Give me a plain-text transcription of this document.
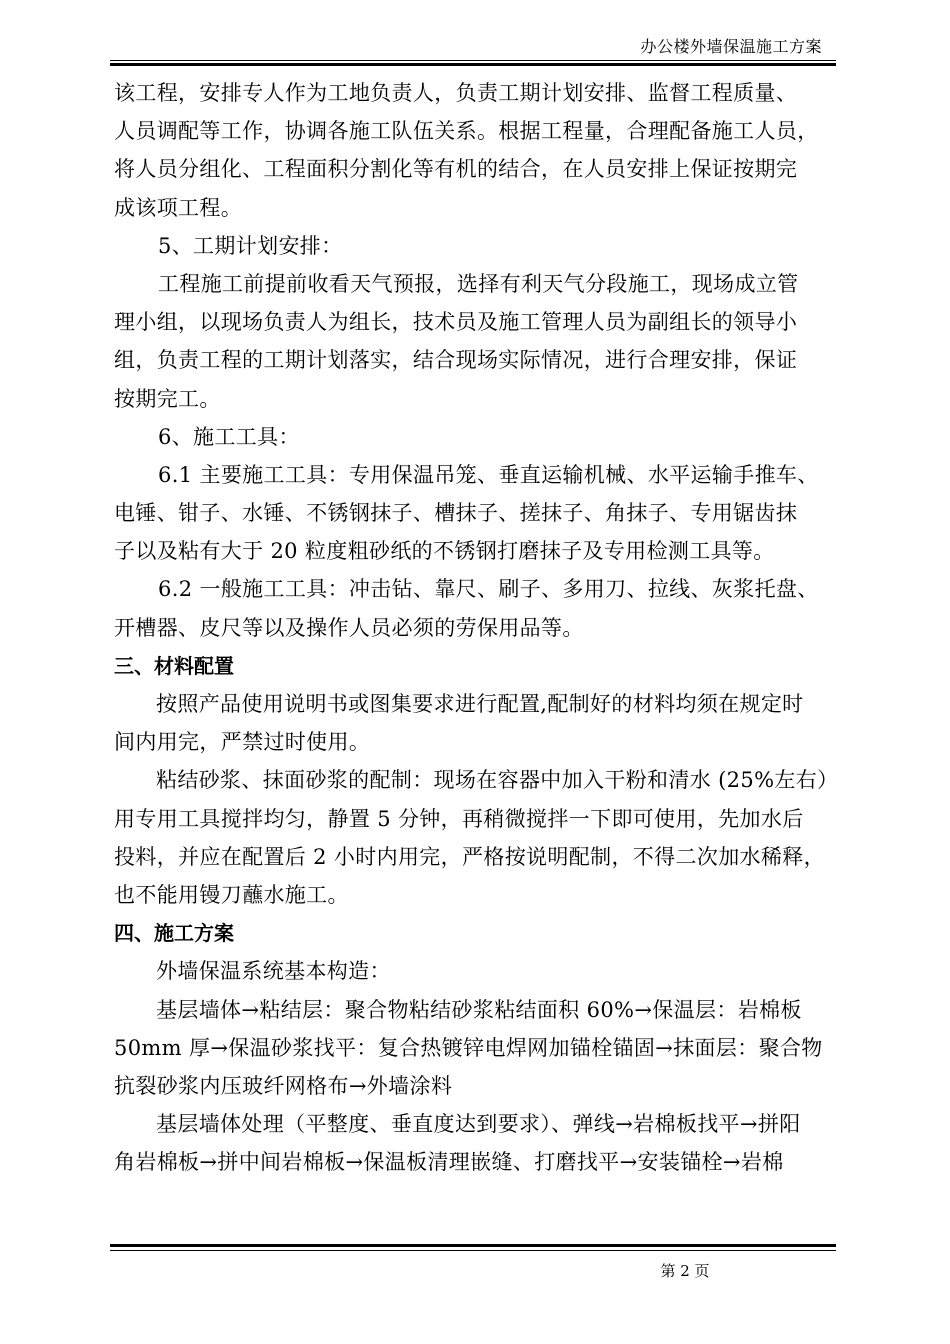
办公楼外墙保温施工方案
该工程，安排专人作为工地负责人，负责工期计划安排、监督工程质量、
人员调配等工作，协调各施工队伍关系。根据工程量，合理配备施工人员，
将人员分组化、工程面积分割化等有机的结合，在人员安排上保证按期完
成该项工程。
5、工期计划安排：
工程施工前提前收看天气预报，选择有利天气分段施工，现场成立管
理小组，以现场负责人为组长，技术员及施工管理人员为副组长的领导小
组，负责工程的工期计划落实，结合现场实际情况，进行合理安排，保证
按期完工。
6、施工工具：
6.1 主要施工工具：专用保温吊笼、垂直运输机械、水平运输手推车、
电锤、钳子、水锤、不锈钢抹子、槽抹子、搓抹子、角抹子、专用锯齿抹
子以及粘有大于 20 粒度粗砂纸的不锈钢打磨抹子及专用检测工具等。
6.2 一般施工工具：冲击钻、靠尺、刷子、多用刀、拉线、灰浆托盘、
开槽器、皮尺等以及操作人员必须的劳保用品等。
三、材料配置
按照产品使用说明书或图集要求进行配置,配制好的材料均须在规定时
间内用完，严禁过时使用。
粘结砂浆、抹面砂浆的配制：现场在容器中加入干粉和清水 (25%左右）
用专用工具搅拌均匀，静置 5 分钟，再稍微搅拌一下即可使用，先加水后
投料，并应在配置后 2 小时内用完，严格按说明配制，不得二次加水稀释，
也不能用镘刀蘸水施工。
四、施工方案
外墙保温系统基本构造：
基层墙体→粘结层：聚合物粘结砂浆粘结面积 60%→保温层：岩棉板
50mm 厚→保温砂浆找平：复合热镀锌电焊网加锚栓锚固→抹面层：聚合物
抗裂砂浆内压玻纤网格布→外墙涂料
基层墙体处理（平整度、垂直度达到要求）、弹线→岩棉板找平→拼阳
角岩棉板→拼中间岩棉板→保温板清理嵌缝、打磨找平→安装锚栓→岩棉
第 2 页
